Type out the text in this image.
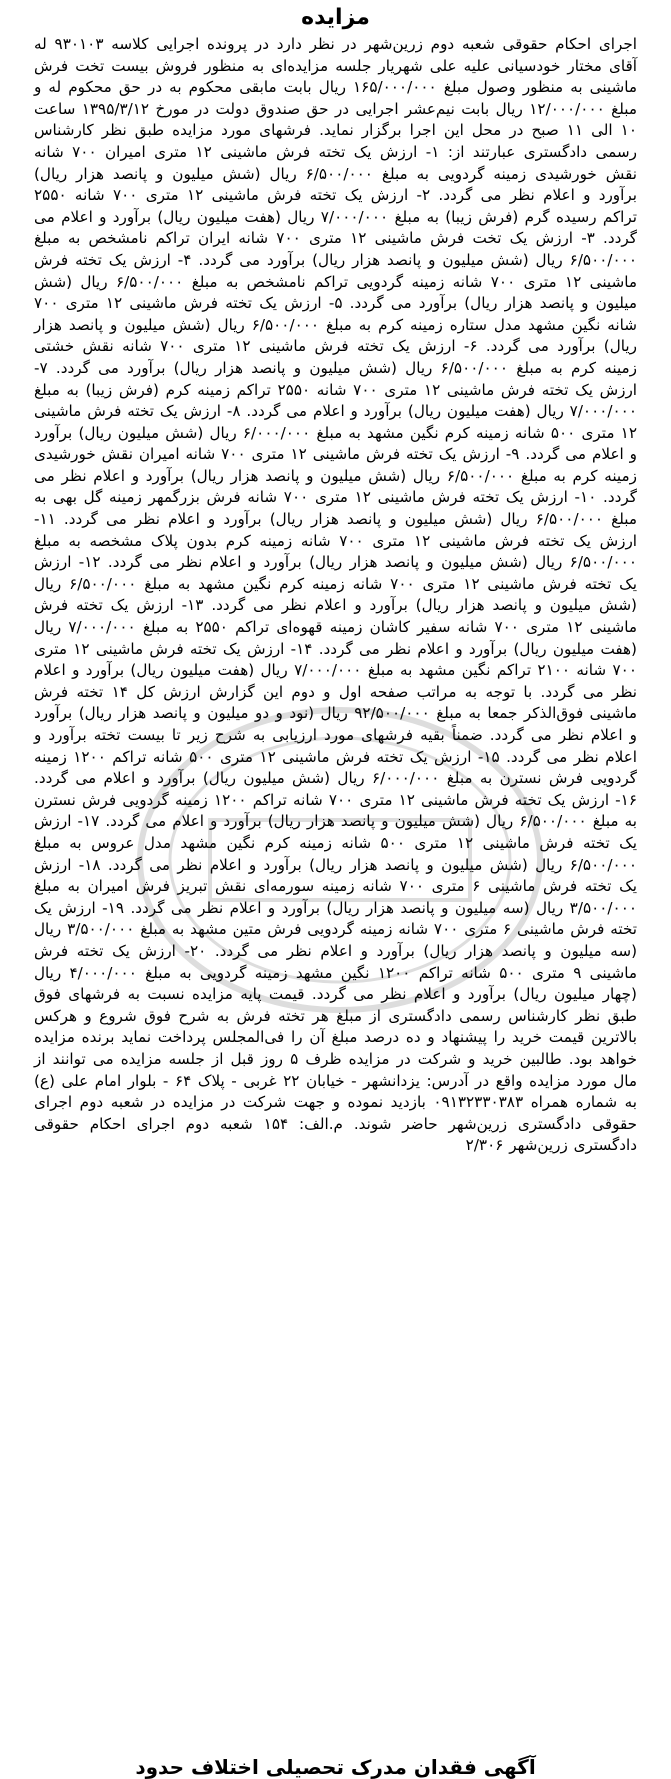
مزایده

اجرای احکام حقوقی شعبه دوم زرین‌شهر در نظر دارد در پرونده اجرایی کلاسه ۹۳۰۱۰۳ له آقای مختار خودسیانی علیه علی شهریار جلسه مزایده‌ای به منظور فروش بیست تخت فرش ماشینی به منظور وصول مبلغ ۱۶۵/۰۰۰/۰۰۰ ریال بابت مابقی محکوم به در حق محکوم له و مبلغ ۱۲/۰۰۰/۰۰۰ ریال بابت نیم‌عشر اجرایی در حق صندوق دولت در مورخ ۱۳۹۵/۳/۱۲ ساعت ۱۰ الی ۱۱ صبح در محل این اجرا برگزار نماید. فرشهای مورد مزایده طبق نظر کارشناس رسمی دادگستری عبارتند از: ۱- ارزش یک تخته فرش ماشینی ۱۲ متری امیران ۷۰۰ شانه نقش خورشیدی زمینه گردویی به مبلغ ۶/۵۰۰/۰۰۰ ریال (شش میلیون و پانصد هزار ریال) برآورد و اعلام نظر می گردد. ۲- ارزش یک تخته فرش ماشینی ۱۲ متری ۷۰۰ شانه ۲۵۵۰ تراکم رسیده گرم (فرش زیبا) به مبلغ ۷/۰۰۰/۰۰۰ ریال (هفت میلیون ریال) برآورد و اعلام می گردد. ۳- ارزش یک تخت فرش ماشینی ۱۲ متری ۷۰۰ شانه ایران تراکم نامشخص به مبلغ ۶/۵۰۰/۰۰۰ ریال (شش میلیون و پانصد هزار ریال) برآورد می گردد. ۴- ارزش یک تخته فرش ماشینی ۱۲ متری ۷۰۰ شانه زمینه گردویی تراکم نامشخص به مبلغ ۶/۵۰۰/۰۰۰ ریال (شش میلیون و پانصد هزار ریال) برآورد می گردد. ۵- ارزش یک تخته فرش ماشینی ۱۲ متری ۷۰۰ شانه نگین مشهد مدل ستاره زمینه کرم به مبلغ ۶/۵۰۰/۰۰۰ ریال (شش میلیون و پانصد هزار ریال) برآورد می گردد. ۶- ارزش یک تخته فرش ماشینی ۱۲ متری ۷۰۰ شانه نقش خشتی زمینه کرم به مبلغ ۶/۵۰۰/۰۰۰ ریال (شش میلیون و پانصد هزار ریال) برآورد می گردد. ۷- ارزش یک تخته فرش ماشینی ۱۲ متری ۷۰۰ شانه ۲۵۵۰ تراکم زمینه کرم (فرش زیبا) به مبلغ ۷/۰۰۰/۰۰۰ ریال (هفت میلیون ریال) برآورد و اعلام می گردد. ۸- ارزش یک تخته فرش ماشینی ۱۲ متری ۵۰۰ شانه زمینه کرم نگین مشهد به مبلغ ۶/۰۰۰/۰۰۰ ریال (شش میلیون ریال) برآورد و اعلام می گردد. ۹- ارزش یک تخته فرش ماشینی ۱۲ متری ۷۰۰ شانه امیران نقش خورشیدی زمینه کرم به مبلغ ۶/۵۰۰/۰۰۰ ریال (شش میلیون و پانصد هزار ریال) برآورد و اعلام نظر می گردد. ۱۰- ارزش یک تخته فرش ماشینی ۱۲ متری ۷۰۰ شانه فرش بزرگمهر زمینه گل بهی به مبلغ ۶/۵۰۰/۰۰۰ ریال (شش میلیون و پانصد هزار ریال) برآورد و اعلام نظر می گردد. ۱۱- ارزش یک تخته فرش ماشینی ۱۲ متری ۷۰۰ شانه زمینه کرم بدون پلاک مشخصه به مبلغ ۶/۵۰۰/۰۰۰ ریال (شش میلیون و پانصد هزار ریال) برآورد و اعلام نظر می گردد. ۱۲- ارزش یک تخته فرش ماشینی ۱۲ متری ۷۰۰ شانه زمینه کرم نگین مشهد به مبلغ ۶/۵۰۰/۰۰۰ ریال (شش میلیون و پانصد هزار ریال) برآورد و اعلام نظر می گردد. ۱۳- ارزش یک تخته فرش ماشینی ۱۲ متری ۷۰۰ شانه سفیر کاشان زمینه قهوه‌ای تراکم ۲۵۵۰ به مبلغ ۷/۰۰۰/۰۰۰ ریال (هفت میلیون ریال) برآورد و اعلام نظر می گردد. ۱۴- ارزش یک تخته فرش ماشینی ۱۲ متری ۷۰۰ شانه ۲۱۰۰ تراکم نگین مشهد به مبلغ ۷/۰۰۰/۰۰۰ ریال (هفت میلیون ریال) برآورد و اعلام نظر می گردد. با توجه به مراتب صفحه اول و دوم این گزارش ارزش کل ۱۴ تخته فرش ماشینی فوق‌الذکر جمعا به مبلغ ۹۲/۵۰۰/۰۰۰ ریال (نود و دو میلیون و پانصد هزار ریال) برآورد و اعلام نظر می گردد. ضمناً بقیه فرشهای مورد ارزیابی به شرح زیر تا بیست تخته برآورد و اعلام نظر می گردد. ۱۵- ارزش یک تخته فرش ماشینی ۱۲ متری ۵۰۰ شانه تراکم ۱۲۰۰ زمینه گردویی فرش نسترن به مبلغ ۶/۰۰۰/۰۰۰ ریال (شش میلیون ریال) برآورد و اعلام می گردد. ۱۶- ارزش یک تخته فرش ماشینی ۱۲ متری ۷۰۰ شانه تراکم ۱۲۰۰ زمینه گردویی فرش نسترن به مبلغ ۶/۵۰۰/۰۰۰ ریال (شش میلیون و پانصد هزار ریال) برآورد و اعلام می گردد. ۱۷- ارزش یک تخته فرش ماشینی ۱۲ متری ۵۰۰ شانه زمینه کرم نگین مشهد مدل عروس به مبلغ ۶/۵۰۰/۰۰۰ ریال (شش میلیون و پانصد هزار ریال) برآورد و اعلام نظر می گردد. ۱۸- ارزش یک تخته فرش ماشینی ۶ متری ۷۰۰ شانه زمینه سورمه‌ای نقش تبریز فرش امیران به مبلغ ۳/۵۰۰/۰۰۰ ریال (سه میلیون و پانصد هزار ریال) برآورد و اعلام نظر می گردد. ۱۹- ارزش یک تخته فرش ماشینی ۶ متری ۷۰۰ شانه زمینه گردویی فرش متین مشهد به مبلغ ۳/۵۰۰/۰۰۰ ریال (سه میلیون و پانصد هزار ریال) برآورد و اعلام نظر می گردد. ۲۰- ارزش یک تخته فرش ماشینی ۹ متری ۵۰۰ شانه تراکم ۱۲۰۰ نگین مشهد زمینه گردویی به مبلغ ۴/۰۰۰/۰۰۰ ریال (چهار میلیون ریال) برآورد و اعلام نظر می گردد. قیمت پایه مزایده نسبت به فرشهای فوق طبق نظر کارشناس رسمی دادگستری از مبلغ هر تخته فرش به شرح فوق شروع و هرکس بالاترین قیمت خرید را پیشنهاد و ده درصد مبلغ آن را فی‌المجلس پرداخت نماید برنده مزایده خواهد بود. طالبین خرید و شرکت در مزایده ظرف ۵ روز قبل از جلسه مزایده می توانند از مال مورد مزایده واقع در آدرس: یزدانشهر - خیابان ۲۲ غربی - پلاک ۶۴ - بلوار امام علی (ع) به شماره همراه ۰۹۱۳۲۳۳۰۳۸۳ بازدید نموده و جهت شرکت در مزایده در شعبه دوم اجرای حقوقی دادگستری زرین‌شهر حاضر شوند. م.الف: ۱۵۴ شعبه دوم اجرای احکام حقوقی دادگستری زرین‌شهر ۲/۳۰۶

آگهی فقدان مدرک تحصیلی اختلاف حدود
